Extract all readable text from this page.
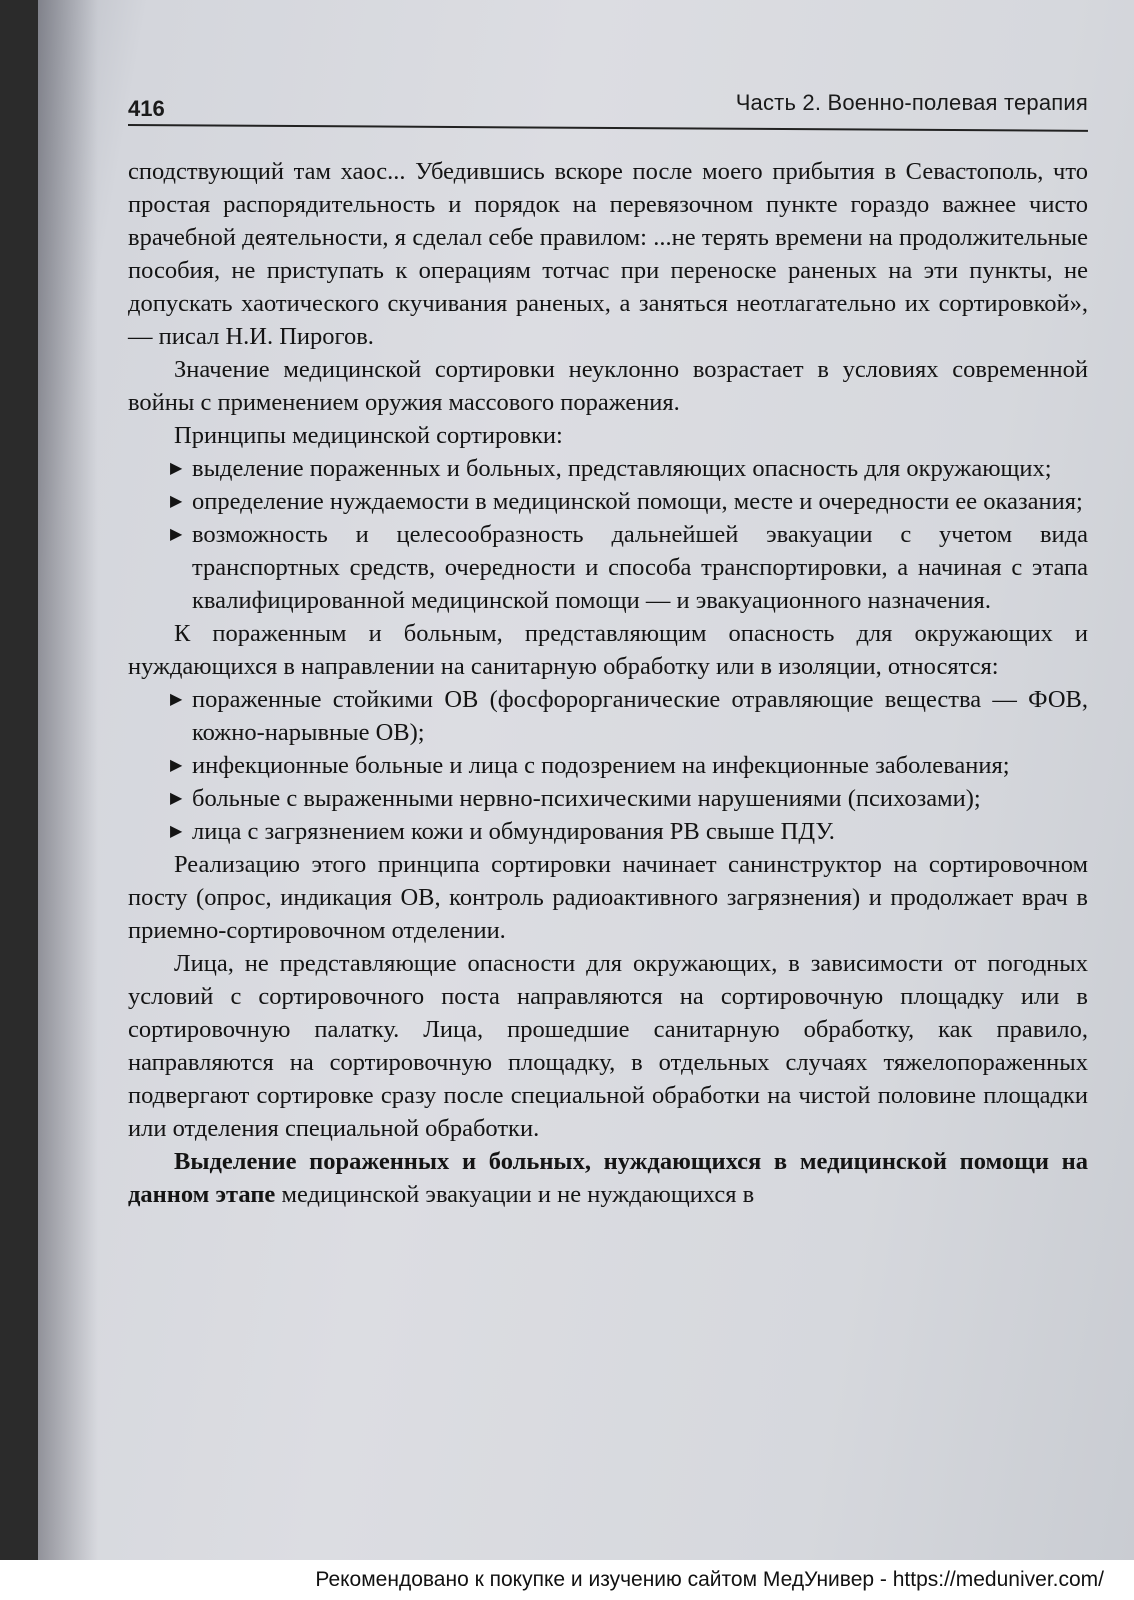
416	Часть 2. Военно-полевая терапия

сподствующий там хаос... Убедившись вскоре после моего прибытия в Севастополь, что простая распорядительность и порядок на перевязочном пункте гораздо важнее чисто врачебной деятельности, я сделал себе правилом: ...не терять времени на продолжительные пособия, не приступать к операциям тотчас при переноске раненых на эти пункты, не допускать хаотического скучивания раненых, а заняться неотлагательно их сортировкой», — писал Н.И. Пирогов.

Значение медицинской сортировки неуклонно возрастает в условиях современной войны с применением оружия массового поражения.

Принципы медицинской сортировки:

▶ выделение пораженных и больных, представляющих опасность для окружающих;
▶ определение нуждаемости в медицинской помощи, месте и очередности ее оказания;
▶ возможность и целесообразность дальнейшей эвакуации с учетом вида транспортных средств, очередности и способа транспортировки, а начиная с этапа квалифицированной медицинской помощи — и эвакуационного назначения.

К пораженным и больным, представляющим опасность для окружающих и нуждающихся в направлении на санитарную обработку или в изоляции, относятся:

▶ пораженные стойкими ОВ (фосфорорганические отравляющие вещества — ФОВ, кожно-нарывные ОВ);
▶ инфекционные больные и лица с подозрением на инфекционные заболевания;
▶ больные с выраженными нервно-психическими нарушениями (психозами);
▶ лица с загрязнением кожи и обмундирования РВ свыше ПДУ.

Реализацию этого принципа сортировки начинает санинструктор на сортировочном посту (опрос, индикация ОВ, контроль радиоактивного загрязнения) и продолжает врач в приемно-сортировочном отделении.

Лица, не представляющие опасности для окружающих, в зависимости от погодных условий с сортировочного поста направляются на сортировочную площадку или в сортировочную палатку. Лица, прошедшие санитарную обработку, как правило, направляются на сортировочную площадку, в отдельных случаях тяжелопораженных подвергают сортировке сразу после специальной обработки на чистой половине площадки или отделения специальной обработки.

Выделение пораженных и больных, нуждающихся в медицинской помощи на данном этапе медицинской эвакуации и не нуждающихся в

Рекомендовано к покупке и изучению сайтом МедУнивер - https://meduniver.com/
